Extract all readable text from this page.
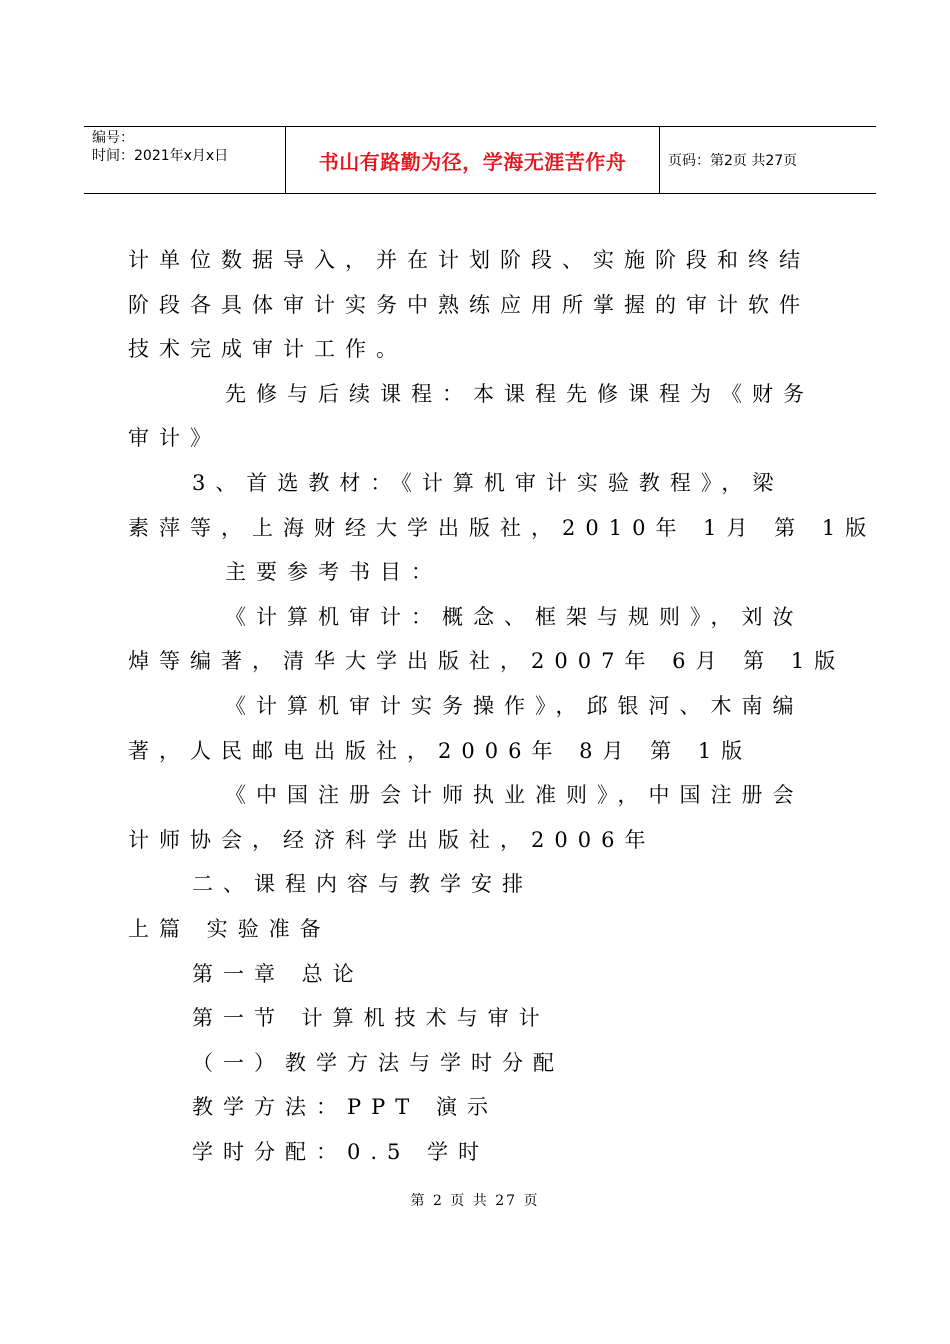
编号：
时间：2021年x月x日	书山有路勤为径，学海无涯苦作舟	页码：第2页 共27页

计单位数据导入，并在计划阶段、实施阶段和终结

阶段各具体审计实务中熟练应用所掌握的审计软件

技术完成审计工作。

先修与后续课程：本课程先修课程为《财务

审计》

3、首选教材：《计算机审计实验教程》，梁

素萍等，上海财经大学出版社，2010年 1月 第 1版

主要参考书目：

《计算机审计：概念、框架与规则》，刘汝

焯等编著，清华大学出版社，2007年 6月 第 1版

《计算机审计实务操作》，邱银河、木南编

著，人民邮电出版社，2006年 8月 第 1版

《中国注册会计师执业准则》，中国注册会

计师协会，经济科学出版社，2006年

二、课程内容与教学安排

上篇 实验准备

第一章 总论

第一节 计算机技术与审计

（一）教学方法与学时分配

教学方法：PPT 演示

学时分配：0.5 学时

第 2 页 共 27 页
